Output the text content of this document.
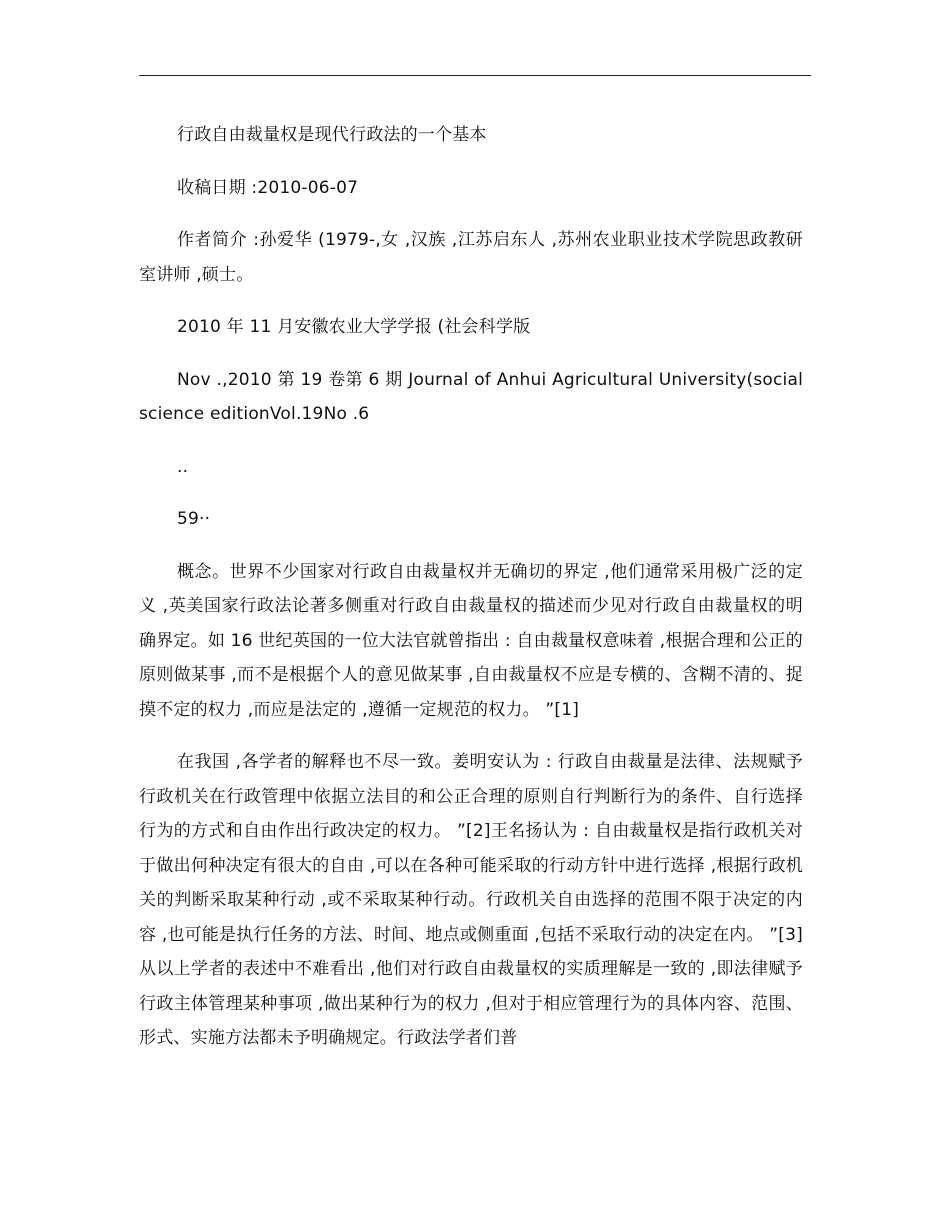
行政自由裁量权是现代行政法的一个基本

收稿日期 :2010-06-07

作者简介 :孙爱华 (1979-,女 ,汉族 ,江苏启东人 ,苏州农业职业技术学院思政教研室讲师 ,硕士。

2010 年 11 月安徽农业大学学报 (社会科学版

Nov .,2010 第 19 卷第 6 期 Journal of Anhui Agricultural University(social science editionVol.19No .6

..

59··

概念。世界不少国家对行政自由裁量权并无确切的界定 ,他们通常采用极广泛的定义 ,英美国家行政法论著多侧重对行政自由裁量权的描述而少见对行政自由裁量权的明确界定。如 16 世纪英国的一位大法官就曾指出 : 自由裁量权意味着 ,根据合理和公正的原则做某事 ,而不是根据个人的意见做某事 ,自由裁量权不应是专横的、含糊不清的、捉摸不定的权力 ,而应是法定的 ,遵循一定规范的权力。 ”[1]

在我国 ,各学者的解释也不尽一致。姜明安认为 : 行政自由裁量是法律、法规赋予行政机关在行政管理中依据立法目的和公正合理的原则自行判断行为的条件、自行选择行为的方式和自由作出行政决定的权力。 ”[2]王名扬认为 : 自由裁量权是指行政机关对于做出何种决定有很大的自由 ,可以在各种可能采取的行动方针中进行选择 ,根据行政机关的判断采取某种行动 ,或不采取某种行动。行政机关自由选择的范围不限于决定的内容 ,也可能是执行任务的方法、时间、地点或侧重面 ,包括不采取行动的决定在内。 ”[3]从以上学者的表述中不难看出 ,他们对行政自由裁量权的实质理解是一致的 ,即法律赋予行政主体管理某种事项 ,做出某种行为的权力 ,但对于相应管理行为的具体内容、范围、形式、实施方法都未予明确规定。行政法学者们普
